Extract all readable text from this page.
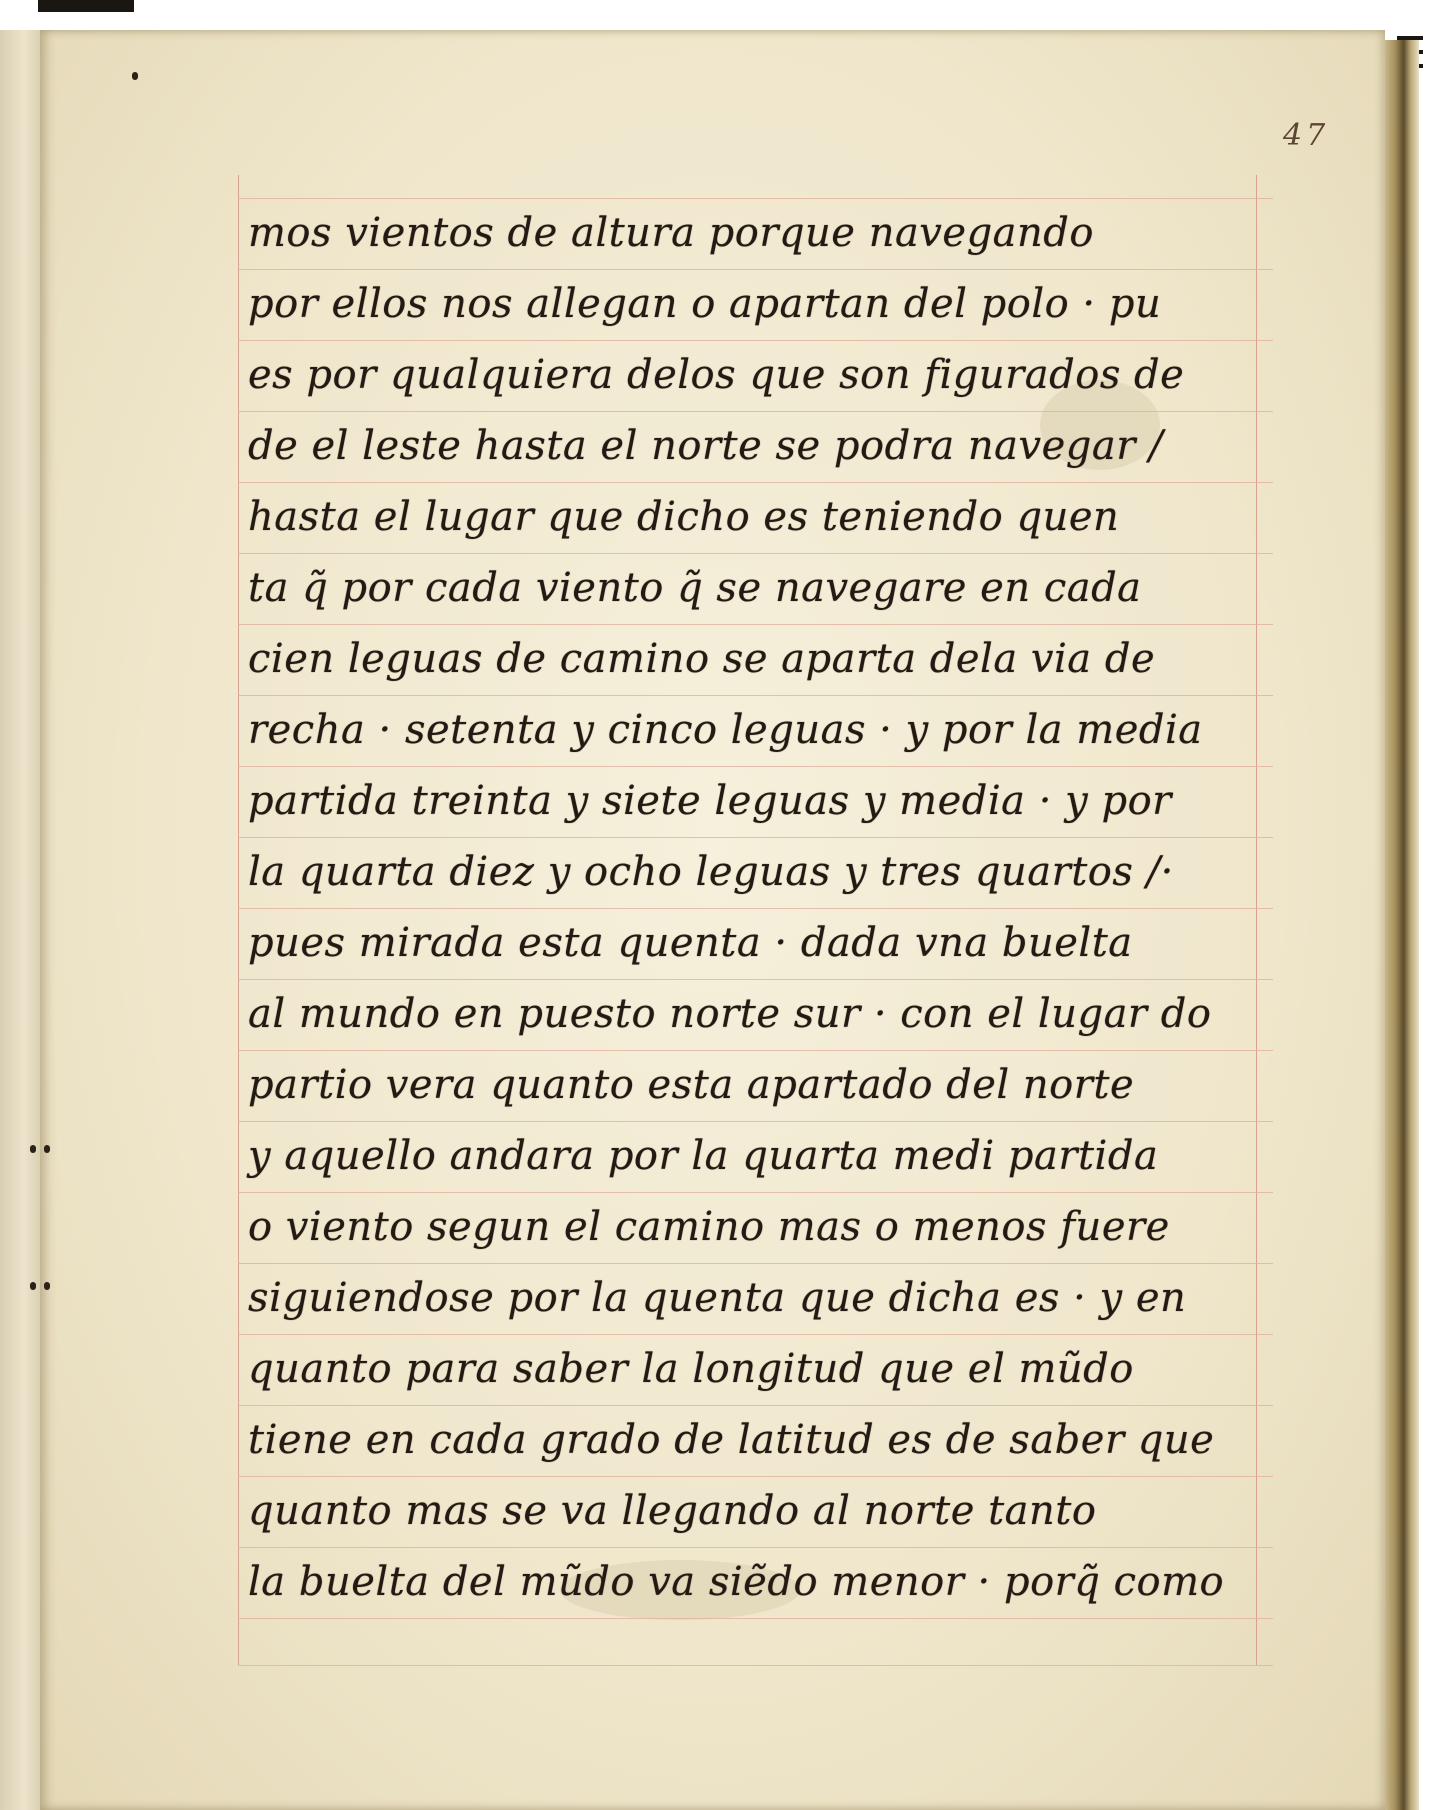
47
mos vientos de altura porque navegando
por ellos nos allegan o apartan del polo · pu
es por qualquiera delos que son figurados de
de el leste hasta el norte se podra navegar /
hasta el lugar que dicho es teniendo quen
ta q̃ por cada viento q̃ se navegare en cada
cien leguas de camino se aparta dela via de
recha · setenta y cinco leguas · y por la media
partida treinta y siete leguas y media · y por
la quarta diez y ocho leguas y tres quartos /·
pues mirada esta quenta · dada vna buelta
al mundo en puesto norte sur · con el lugar do
partio vera quanto esta apartado del norte
y aquello andara por la quarta medi partida
o viento segun el camino mas o menos fuere
siguiendose por la quenta que dicha es · y en
quanto para saber la longitud que el mũdo
tiene en cada grado de latitud es de saber que
quanto mas se va llegando al norte tanto
la buelta del mũdo va siẽdo menor · porq̃ como
